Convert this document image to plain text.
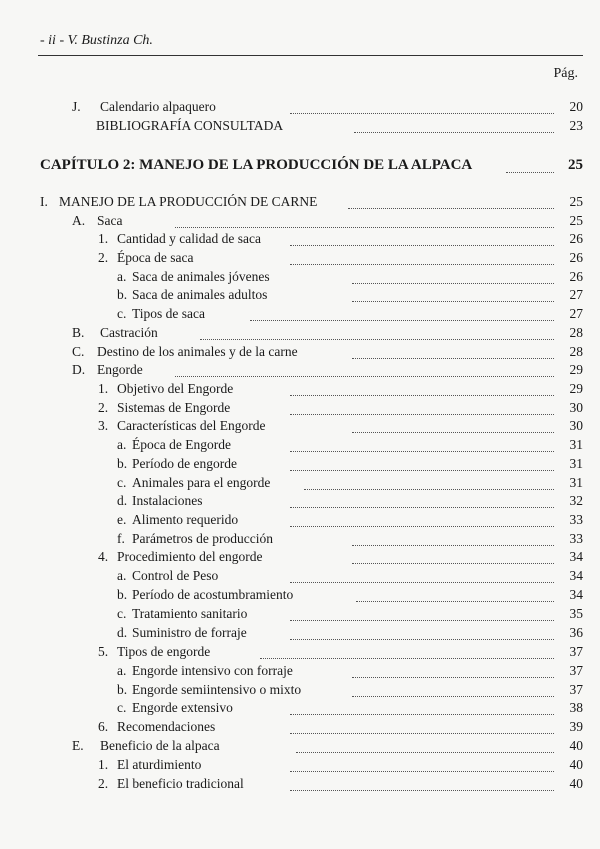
- ii - V. Bustinza Ch.
Pág.
J. Calendario alpaquero	20
BIBLIOGRAFÍA CONSULTADA	23
CAPÍTULO 2: MANEJO DE LA PRODUCCIÓN DE LA ALPACA	25
I. MANEJO DE LA PRODUCCIÓN DE CARNE	25
A. Saca	25
1. Cantidad y calidad de saca	26
2. Época de saca	26
a. Saca de animales jóvenes	26
b. Saca de animales adultos	27
c. Tipos de saca	27
B. Castración	28
C. Destino de los animales y de la carne	28
D. Engorde	29
1. Objetivo del Engorde	29
2. Sistemas de Engorde	30
3. Características del Engorde	30
a. Época de Engorde	31
b. Período de engorde	31
c. Animales para el engorde	31
d. Instalaciones	32
e. Alimento requerido	33
f. Parámetros de producción	33
4. Procedimiento del engorde	34
a. Control de Peso	34
b. Período de acostumbramiento	34
c. Tratamiento sanitario	35
d. Suministro de forraje	36
5. Tipos de engorde	37
a. Engorde intensivo con forraje	37
b. Engorde semiintensivo o mixto	37
c. Engorde extensivo	38
6. Recomendaciones	39
E. Beneficio de la alpaca	40
1. El aturdimiento	40
2. El beneficio tradicional	40
